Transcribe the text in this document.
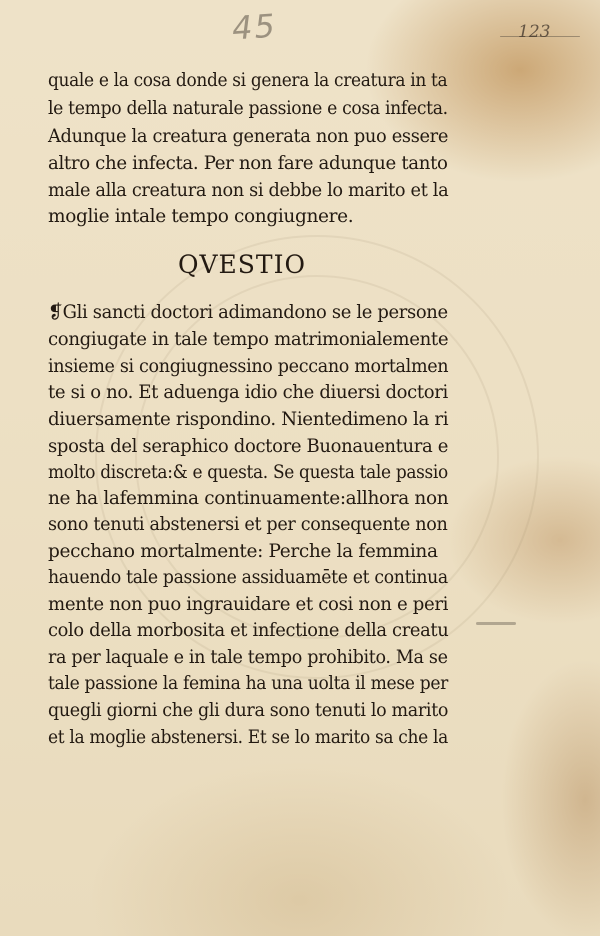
45	123
quale e la cosa donde si genera la creatura in ta
le tempo della naturale passione e cosa infecta.
Adunque la creatura generata non puo essere
altro che infecta. Per non fare adunque tanto
male alla creatura non si debbe lo marito et la
moglie intale tempo congiugnere.
QVESTIO
❡Gli sancti doctori adimandono se le persone
congiugate in tale tempo matrimonialemente
insieme si congiugnessino peccano mortalmen
te si o no. Et aduenga idio che diuersi doctori
diuersamente rispondino. Nientedimeno la ri
sposta del seraphico doctore Buonauentura e
molto discreta:& e questa. Se questa tale passio
ne ha lafemmina continuamente:allhora non
sono tenuti abstenersi et per consequente non
pecchano mortalmente: Perche la femmina
hauendo tale passione assiduamēte et continua
mente non puo ingrauidare et cosi non e peri
colo della morbosita et infectione della creatu
ra per laquale e in tale tempo prohibito. Ma se
tale passione la femina ha una uolta il mese per
quegli giorni che gli dura sono tenuti lo marito
et la moglie abstenersi. Et se lo marito sa che la
